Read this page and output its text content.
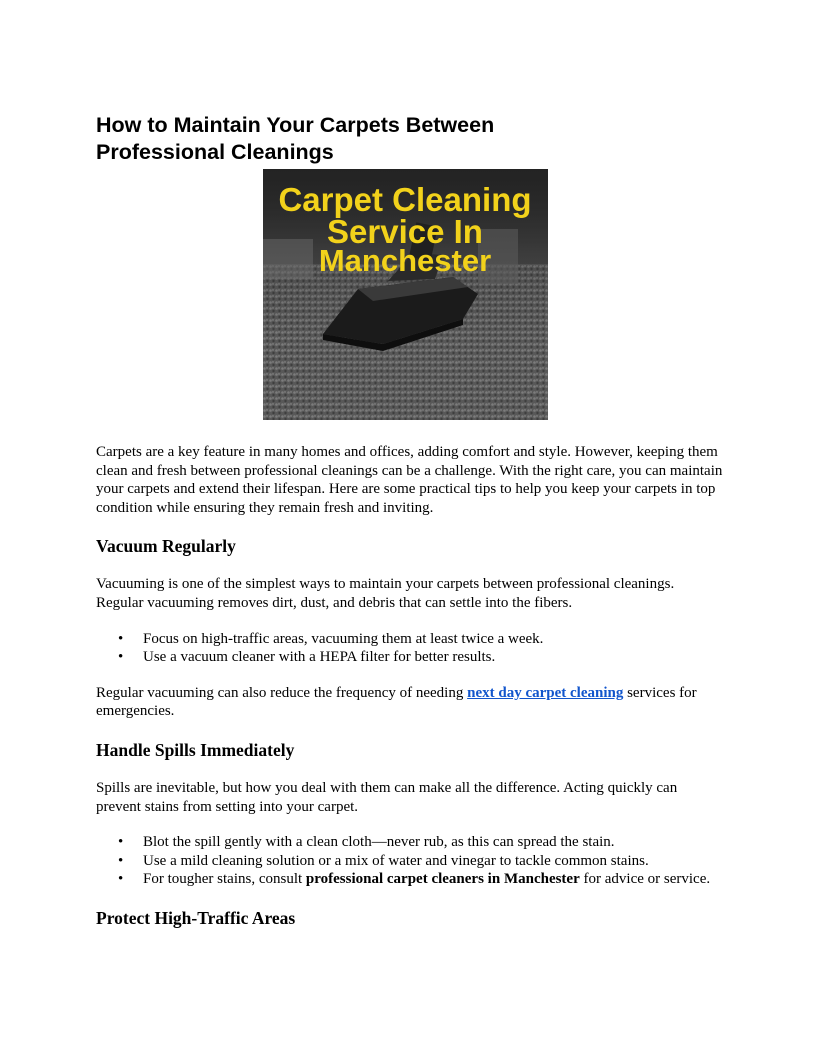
How to Maintain Your Carpets Between Professional Cleanings
Carpet Cleaning
Service In
Manchester

Carpets are a key feature in many homes and offices, adding comfort and style. However, keeping them clean and fresh between professional cleanings can be a challenge. With the right care, you can maintain your carpets and extend their lifespan. Here are some practical tips to help you keep your carpets in top condition while ensuring they remain fresh and inviting.

Vacuum Regularly

Vacuuming is one of the simplest ways to maintain your carpets between professional cleanings. Regular vacuuming removes dirt, dust, and debris that can settle into the fibers.

• Focus on high-traffic areas, vacuuming them at least twice a week.
• Use a vacuum cleaner with a HEPA filter for better results.

Regular vacuuming can also reduce the frequency of needing next day carpet cleaning services for emergencies.

Handle Spills Immediately

Spills are inevitable, but how you deal with them can make all the difference. Acting quickly can prevent stains from setting into your carpet.

• Blot the spill gently with a clean cloth—never rub, as this can spread the stain.
• Use a mild cleaning solution or a mix of water and vinegar to tackle common stains.
• For tougher stains, consult professional carpet cleaners in Manchester for advice or service.
Protect High-Traffic Areas
